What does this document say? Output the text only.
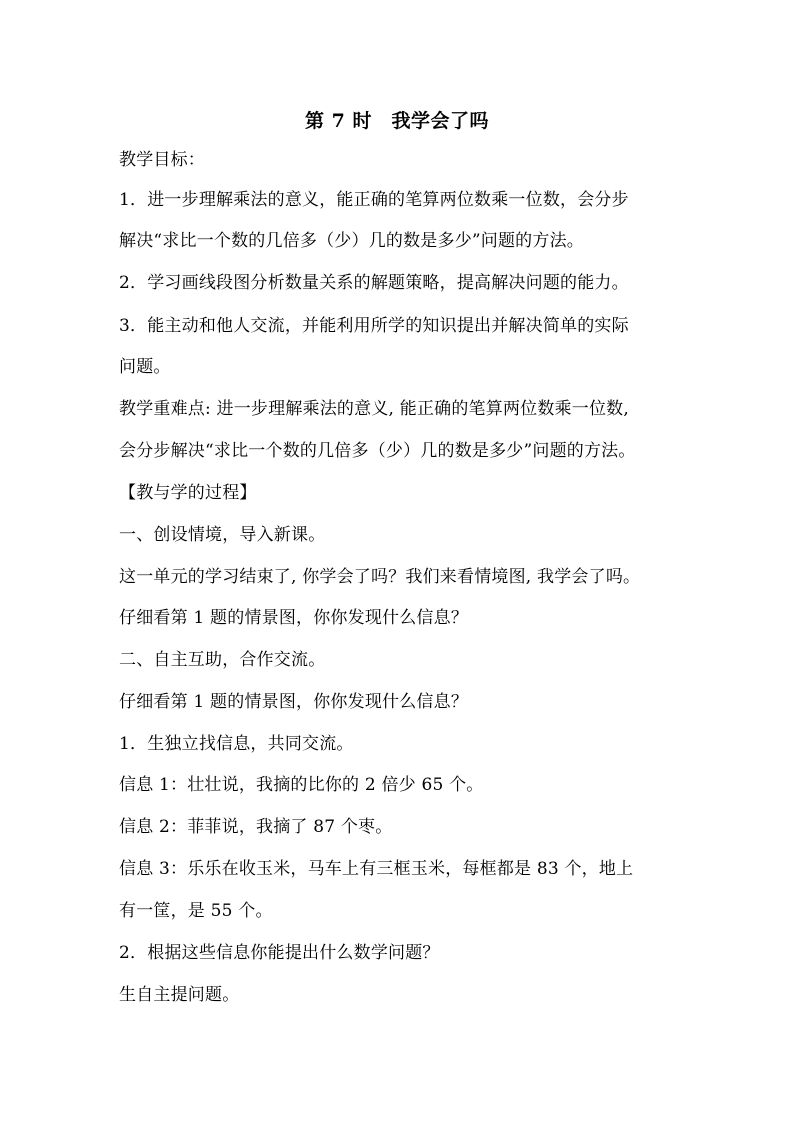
第 7 时　我学会了吗
教学目标：
1．进一步理解乘法的意义，能正确的笔算两位数乘一位数，会分步
解决“求比一个数的几倍多（少）几的数是多少”问题的方法。
2．学习画线段图分析数量关系的解题策略，提高解决问题的能力。
3．能主动和他人交流，并能利用所学的知识提出并解决简单的实际
问题。
教学重难点: 进一步理解乘法的意义, 能正确的笔算两位数乘一位数,
会分步解决“求比一个数的几倍多（少）几的数是多少”问题的方法。
【教与学的过程】
一、创设情境，导入新课。
这一单元的学习结束了, 你学会了吗？我们来看情境图, 我学会了吗。
仔细看第 1 题的情景图，你你发现什么信息？
二、自主互助，合作交流。
仔细看第 1 题的情景图，你你发现什么信息？
1．生独立找信息，共同交流。
信息 1：壮壮说，我摘的比你的 2 倍少 65 个。
信息 2：菲菲说，我摘了 87 个枣。
信息 3：乐乐在收玉米，马车上有三框玉米，每框都是 83 个，地上
有一筐，是 55 个。
2．根据这些信息你能提出什么数学问题？
生自主提问题。
